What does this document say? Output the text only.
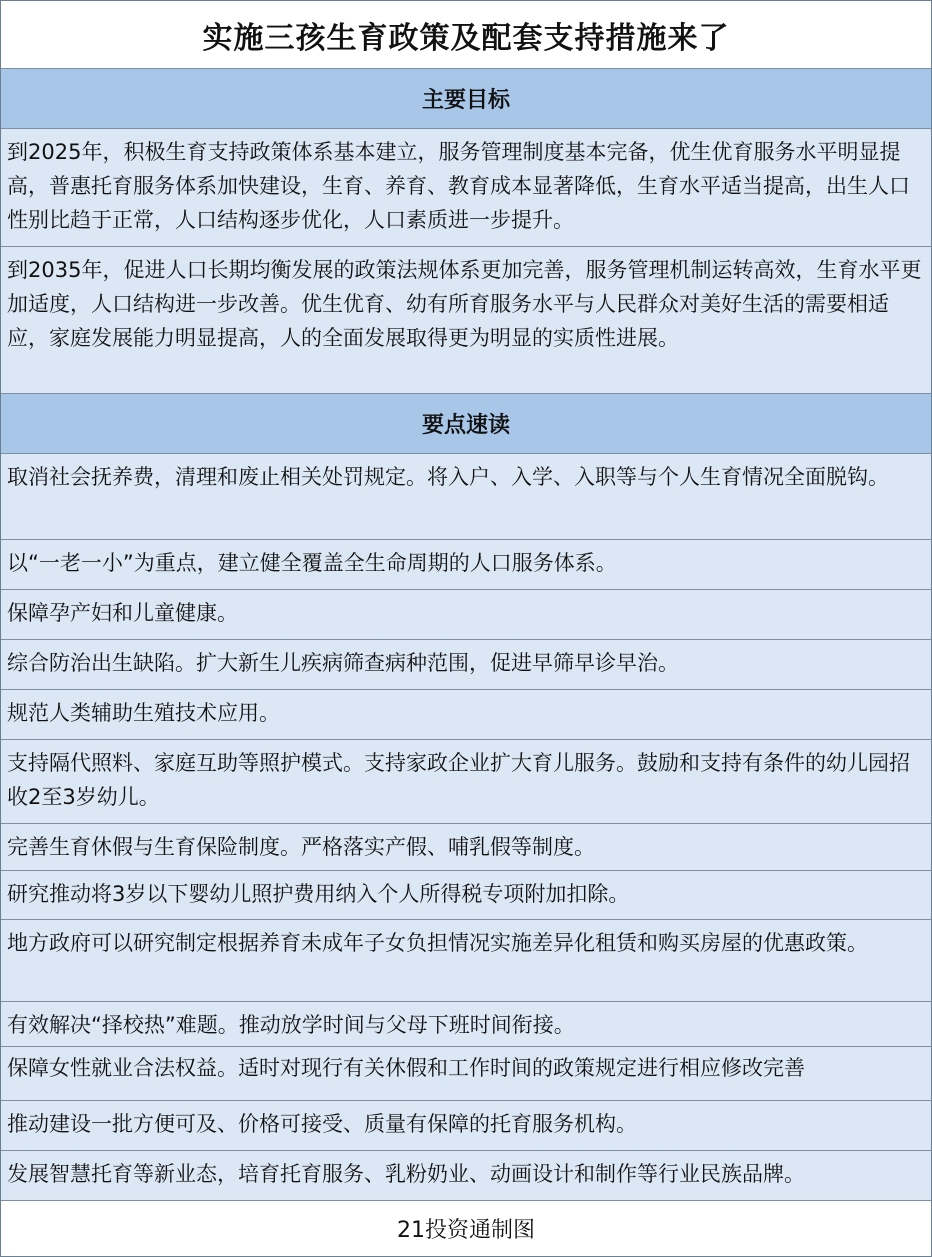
实施三孩生育政策及配套支持措施来了
主要目标
到2025年，积极生育支持政策体系基本建立，服务管理制度基本完备，优生优育服务水平明显提高，普惠托育服务体系加快建设，生育、养育、教育成本显著降低，生育水平适当提高，出生人口性别比趋于正常，人口结构逐步优化，人口素质进一步提升。
到2035年，促进人口长期均衡发展的政策法规体系更加完善，服务管理机制运转高效，生育水平更加适度，人口结构进一步改善。优生优育、幼有所育服务水平与人民群众对美好生活的需要相适应，家庭发展能力明显提高，人的全面发展取得更为明显的实质性进展。
要点速读
取消社会抚养费，清理和废止相关处罚规定。将入户、入学、入职等与个人生育情况全面脱钩。
以“一老一小”为重点，建立健全覆盖全生命周期的人口服务体系。
保障孕产妇和儿童健康。
综合防治出生缺陷。扩大新生儿疾病筛查病种范围，促进早筛早诊早治。
规范人类辅助生殖技术应用。
支持隔代照料、家庭互助等照护模式。支持家政企业扩大育儿服务。鼓励和支持有条件的幼儿园招收2至3岁幼儿。
完善生育休假与生育保险制度。严格落实产假、哺乳假等制度。
研究推动将3岁以下婴幼儿照护费用纳入个人所得税专项附加扣除。
地方政府可以研究制定根据养育未成年子女负担情况实施差异化租赁和购买房屋的优惠政策。
有效解决“择校热”难题。推动放学时间与父母下班时间衔接。
保障女性就业合法权益。适时对现行有关休假和工作时间的政策规定进行相应修改完善
推动建设一批方便可及、价格可接受、质量有保障的托育服务机构。
发展智慧托育等新业态，培育托育服务、乳粉奶业、动画设计和制作等行业民族品牌。
21投资通制图
